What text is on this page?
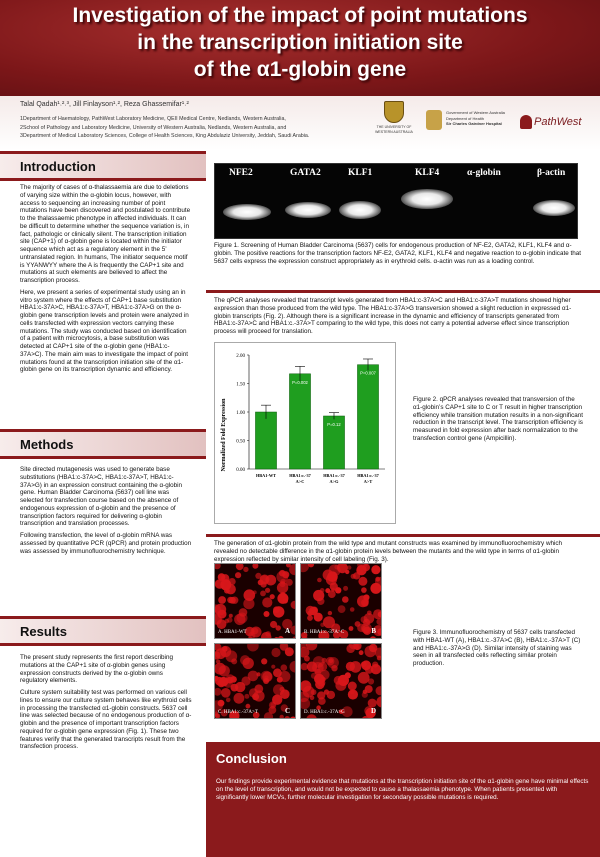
Investigation of the impact of point mutations
in the transcription initiation site
of the α1-globin gene
Talal Qadah¹˒²˒³, Jill Finlayson¹˒², Reza Ghassemifar¹˒²
1Department of Haematology, PathWest Laboratory Medicine, QEII Medical Centre, Nedlands, Western Australia,
2School of Pathology and Laboratory Medicine, University of Western Australia, Nedlands, Western Australia, and
3Department of Medical Laboratory Sciences, College of Health Sciences, King Abdulaziz University, Jeddah, Saudi Arabia.
THE UNIVERSITY OF WESTERN AUSTRALIA
Government of Western Australia
Department of Health
Sir Charles Gairdner Hospital	PathWest
Introduction

The majority of cases of α-thalassaemia are due to deletions of varying size within the α-globin locus, however, with access to sequencing an increasing number of point mutations have been discovered and postulated to contribute to the thalassaemic phenotype in affected individuals. It can be difficult to determine whether the sequence variation is, in fact, pathologic or clinically silent. The transcription initiation site (CAP+1) of α-globin gene is located within the initiator sequence which act as a regulatory element in the 5’ untranslated region. In humans, The initiator sequence motif is YYANWYY where the A is frequently the CAP+1 site and mutations at such elements are believed to affect the transcription process.

Here, we present a series of experimental study using an in vitro system where the effects of CAP+1 base substitution HBA1:c-37A>C, HBA1:c-37A>T, HBA1:c-37A>G on the α-globin gene transcription levels and protein were analyzed in cells transfected with expression vectors carrying these mutations. The study was conducted based on identification of a patient with microcytosis, a base substitution was detected at CAP+1 site of the α-globin gene (HBA1:c-37A>C). The main aim was to investigate the impact of point mutations found at the transcription initiation site of the α1-globin gene on its transcription dynamic and efficiency.

Methods

Site directed mutagenesis was used to generate base substitutions (HBA1:c-37A>C, HBA1:c-37A>T, HBA1:c-37A>G) in an expression construct containing the α-globin gene. Human Bladder Carcinoma (5637) cell line was selected for transfection course based on the absence of endogenous expression of α-globin and the presence of transcription factors required for delivering α-globin transcription and translation processes.

Following transfection, the level of α-globin mRNA was assessed by quantitative PCR (qPCR) and protein production was assessed by immunofluorochemistry technique.

Results

The present study represents the first report describing mutations at the CAP+1 site of α-globin genes using expression constructs derived by the α-globin owns regulatory elements.

Culture system suitability test was performed on various cell lines to ensure our culture system behaves like erythroid cells in processing the transfected α1-globin constructs. 5637 cell line was selected because of no endogenous production of α-globin and the presence of important transcription factors required for α-globin gene expression (Fig. 1). These two features verify that the generated transcripts result from the transfection process.

NFE2	GATA2	KLF1	KLF4	α-globin	β-actin
Figure 1. Screening of Human Bladder Carcinoma (5637) cells for endogenous production of NF-E2, GATA2, KLF1, KLF4 and α-globin. The positive reactions for the transcription factors NF-E2, GATA2, KLF1, KLF4 and negative reaction to α-globin indicate that 5637 cells express the expression construct appropriately as in erythroid cells. α-actin was run as a loading control.
The qPCR analyses revealed that transcript levels generated from HBA1:c-37A>C and HBA1:c-37A>T mutations showed higher expression than those produced from the wild type. The HBA1:c-37A>G transversion showed a slight reduction in expressed α1-globin transcripts (Fig. 2). Although there is a significant increase in the dynamic and efficiency of transcripts generated from HBA1:c-37A>C and HBA1:c.-37A>T comparing to the wild type, this does not carry a potential adverse effect since transcription process will proceed for translation.
Normalized Fold Expression 0.00
0.50
1.00
1.50
2.00
HBA1-WT
P=0.002
HBA1:c.-37
A>C
P=0.12
HBA1:c.-37
A>G
P=0.007
HBA1:c.-37
A>T
Figure 2. qPCR analyses revealed that transversion of the α1-globin’s CAP+1 site to C or T result in higher transcription efficiency while transition mutation results in a non-significant reduction in the transcript level. The transcription efficiency is measured in fold expression after back normalization to the transfection control gene (Ampicillin).
The generation of α1-globin protein from the wild type and mutant constructs was examined by immunofluorochemistry which revealed no detectable difference in the α1-globin protein levels between the mutants and the wild type in terms of α1-globin expression reflected by similar intensity of cell labeling (Fig. 3).
A. HBA1-WT	A	B. HBA1:c.-37A>C	B
C. HBA1:c.-37A>T	C	D. HBA1:c.-37A>G	D
Figure 3. Immunofluorochemistry of 5637 cells transfected with HBA1-WT (A), HBA1:c.-37A>C (B), HBA1:c.-37A>T (C) and HBA1:c.-37A>G (D). Similar intensity of staining was seen in all transfected cells reflecting similar protein production.
Conclusion

Our findings provide experimental evidence that mutations at the transcription initiation site of the α1-globin gene have minimal effects on the level of transcription, and would not be expected to cause a thalassaemia phenotype. When patients presented with significantly lower MCVs, further molecular investigation for secondary possible mutations is required.
